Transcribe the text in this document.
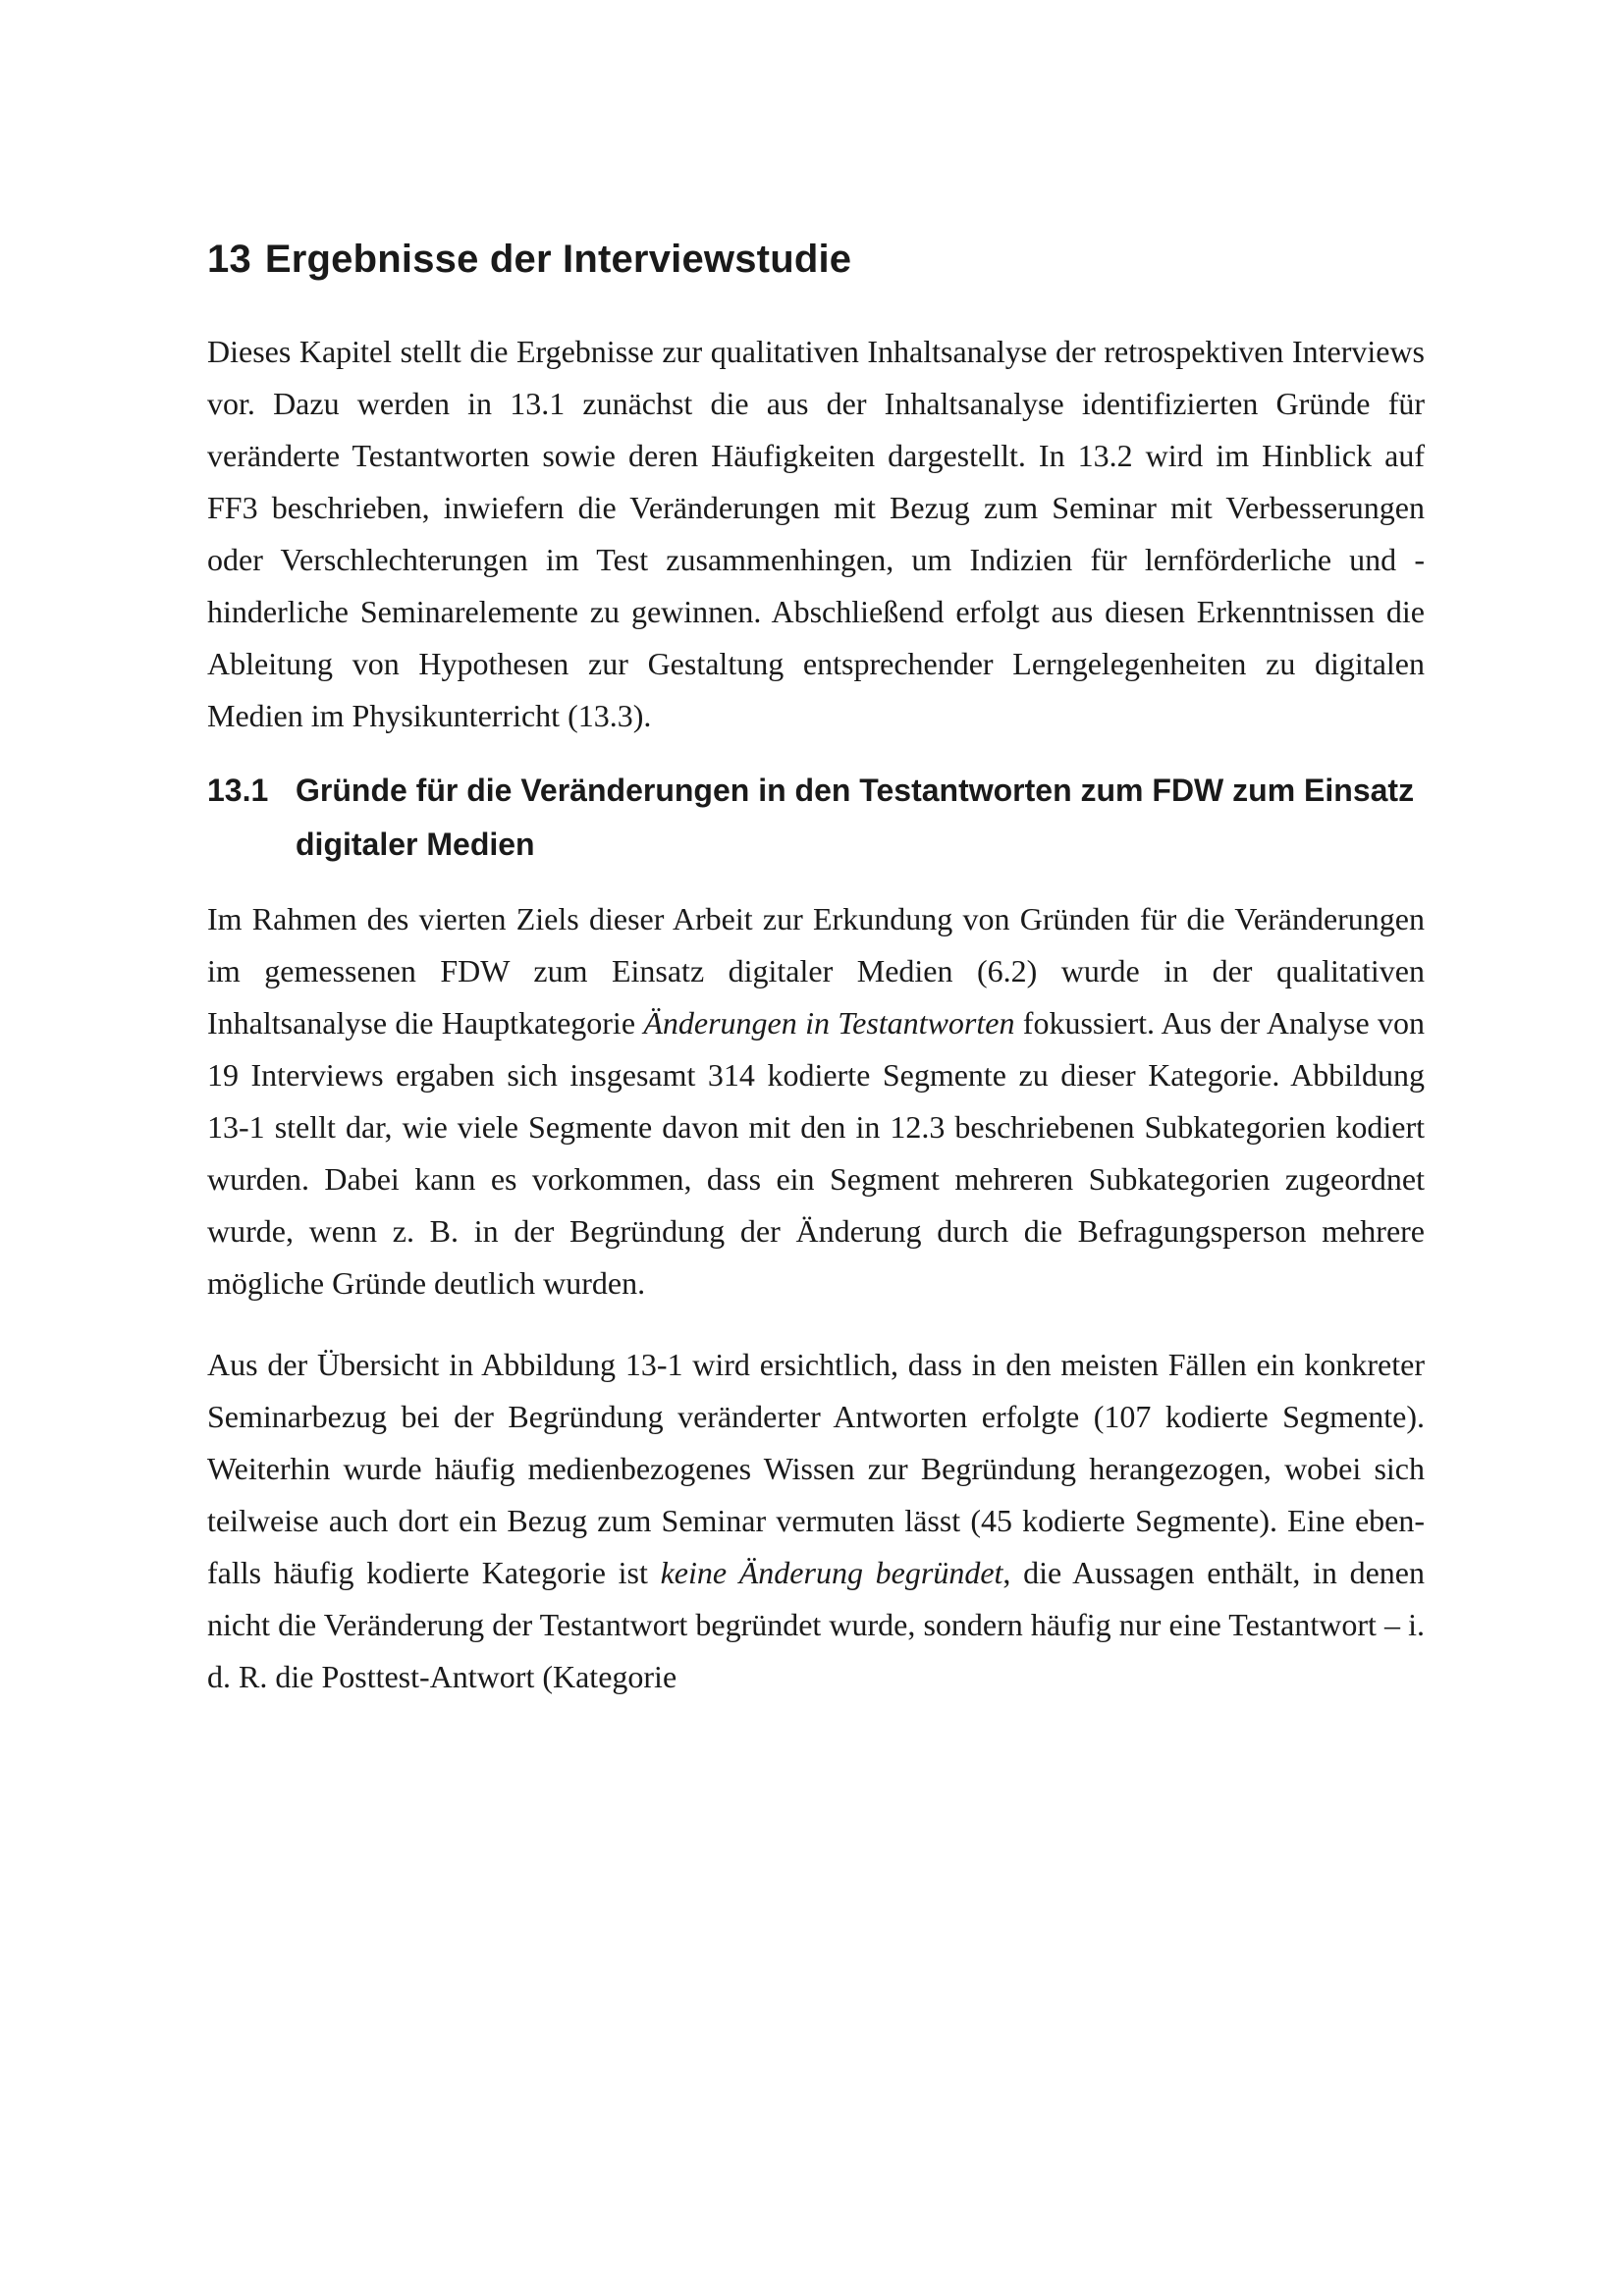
13 Ergebnisse der Interviewstudie

Dieses Kapitel stellt die Ergebnisse zur qualitativen Inhaltsanalyse der retrospektiven Interviews vor. Dazu werden in 13.1 zunächst die aus der Inhaltsanalyse identifizierten Gründe für veränderte Testantworten sowie deren Häufigkeiten dargestellt. In 13.2 wird im Hinblick auf FF3 beschrieben, inwiefern die Veränderungen mit Bezug zum Seminar mit Verbesserungen oder Verschlechterungen im Test zusammenhingen, um Indizien für lernförderliche und -hinderliche Seminarelemente zu gewinnen. Abschließend erfolgt aus diesen Erkenntnissen die Ableitung von Hypothesen zur Gestaltung entsprechender Lerngelegenheiten zu digitalen Medien im Physikunterricht (13.3).

13.1 Gründe für die Veränderungen in den Testantworten zum FDW zum Einsatz digitaler Medien

Im Rahmen des vierten Ziels dieser Arbeit zur Erkundung von Gründen für die Veränderungen im gemessenen FDW zum Einsatz digitaler Medien (6.2) wurde in der qualitativen Inhaltsanalyse die Hauptkategorie Änderungen in Testantworten fokussiert. Aus der Analyse von 19 Interviews ergaben sich insgesamt 314 kodierte Segmente zu dieser Kategorie. Abbildung 13-1 stellt dar, wie viele Segmente davon mit den in 12.3 beschriebenen Subkategorien kodiert wurden. Dabei kann es vorkommen, dass ein Segment mehreren Subkategorien zugeordnet wurde, wenn z. B. in der Begründung der Änderung durch die Befragungsperson mehrere mögliche Gründe deutlich wurden.

Aus der Übersicht in Abbildung 13-1 wird ersichtlich, dass in den meisten Fällen ein konkreter Seminarbezug bei der Begründung veränderter Antworten erfolgte (107 kodierte Segmente). Weiterhin wurde häufig medienbezogenes Wissen zur Begründung herangezogen, wobei sich teilweise auch dort ein Bezug zum Seminar vermuten lässt (45 kodierte Segmente). Eine ebenfalls häufig kodierte Kategorie ist keine Änderung begründet, die Aussagen enthält, in denen nicht die Veränderung der Testantwort begründet wurde, sondern häufig nur eine Testantwort – i. d. R. die Posttest-Antwort (Kategorie
